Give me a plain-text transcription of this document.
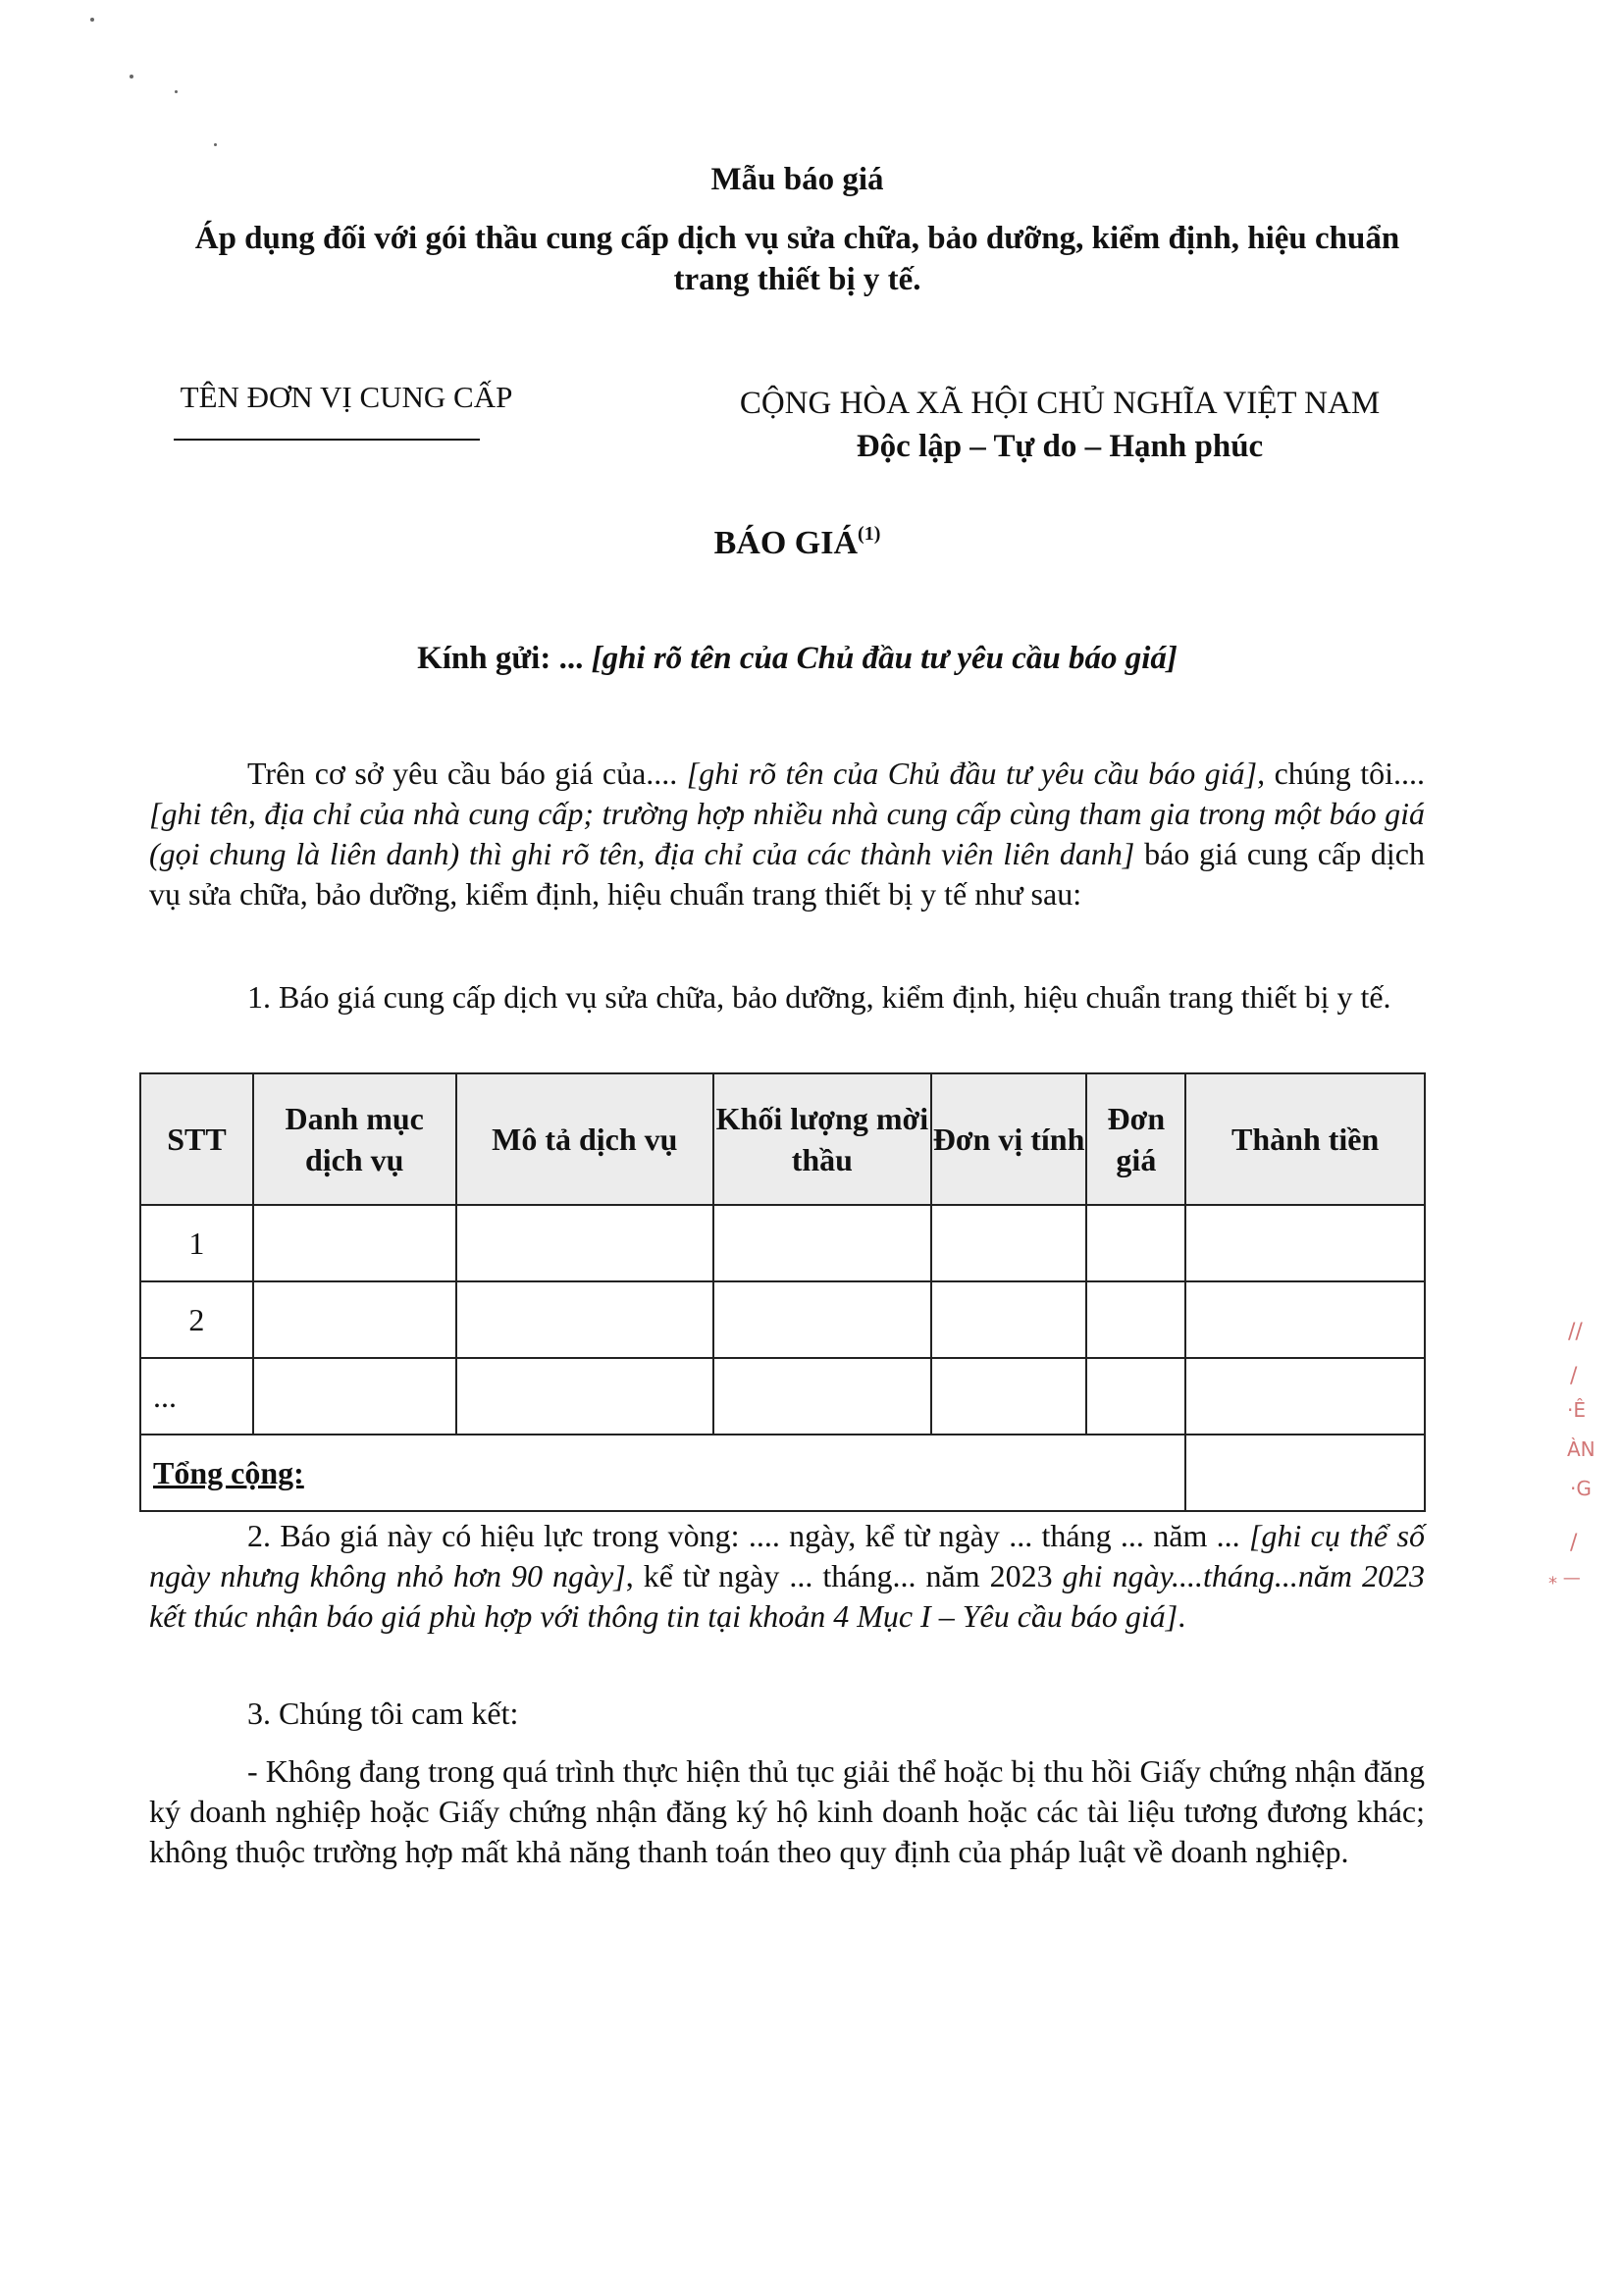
Mẫu báo giá
Áp dụng đối với gói thầu cung cấp dịch vụ sửa chữa, bảo dưỡng, kiểm định, hiệu chuẩn trang thiết bị y tế.
TÊN ĐƠN VỊ CUNG CẤP	CỘNG HÒA XÃ HỘI CHỦ NGHĨA VIỆT NAM
Độc lập – Tự do – Hạnh phúc
BÁO GIÁ$^{(1)}$
Kính gửi: ... [ghi rõ tên của Chủ đầu tư yêu cầu báo giá]
Trên cơ sở yêu cầu báo giá của.... [ghi rõ tên của Chủ đầu tư yêu cầu báo giá], chúng tôi....[ghi tên, địa chỉ của nhà cung cấp; trường hợp nhiều nhà cung cấp cùng tham gia trong một báo giá (gọi chung là liên danh) thì ghi rõ tên, địa chỉ của các thành viên liên danh] báo giá cung cấp dịch vụ sửa chữa, bảo dưỡng, kiểm định, hiệu chuẩn trang thiết bị y tế như sau:
1. Báo giá cung cấp dịch vụ sửa chữa, bảo dưỡng, kiểm định, hiệu chuẩn trang thiết bị y tế.
STT	Danh mục dịch vụ	Mô tả dịch vụ	Khối lượng mời thầu	Đơn vị tính	Đơn giá	Thành tiền
1						
2						
...						
Tổng cộng:						
2. Báo giá này có hiệu lực trong vòng: .... ngày, kể từ ngày ... tháng ... năm ... [ghi cụ thể số ngày nhưng không nhỏ hơn 90 ngày], kể từ ngày ... tháng... năm 2023 ghi ngày....tháng...năm 2023 kết thúc nhận báo giá phù hợp với thông tin tại khoản 4 Mục I – Yêu cầu báo giá].
3. Chúng tôi cam kết:
- Không đang trong quá trình thực hiện thủ tục giải thể hoặc bị thu hồi Giấy chứng nhận đăng ký doanh nghiệp hoặc Giấy chứng nhận đăng ký hộ kinh doanh hoặc các tài liệu tương đương khác; không thuộc trường hợp mất khả năng thanh toán theo quy định của pháp luật về doanh nghiệp.
//
/
·Ê
ÀN
·G
/
⁎ —
